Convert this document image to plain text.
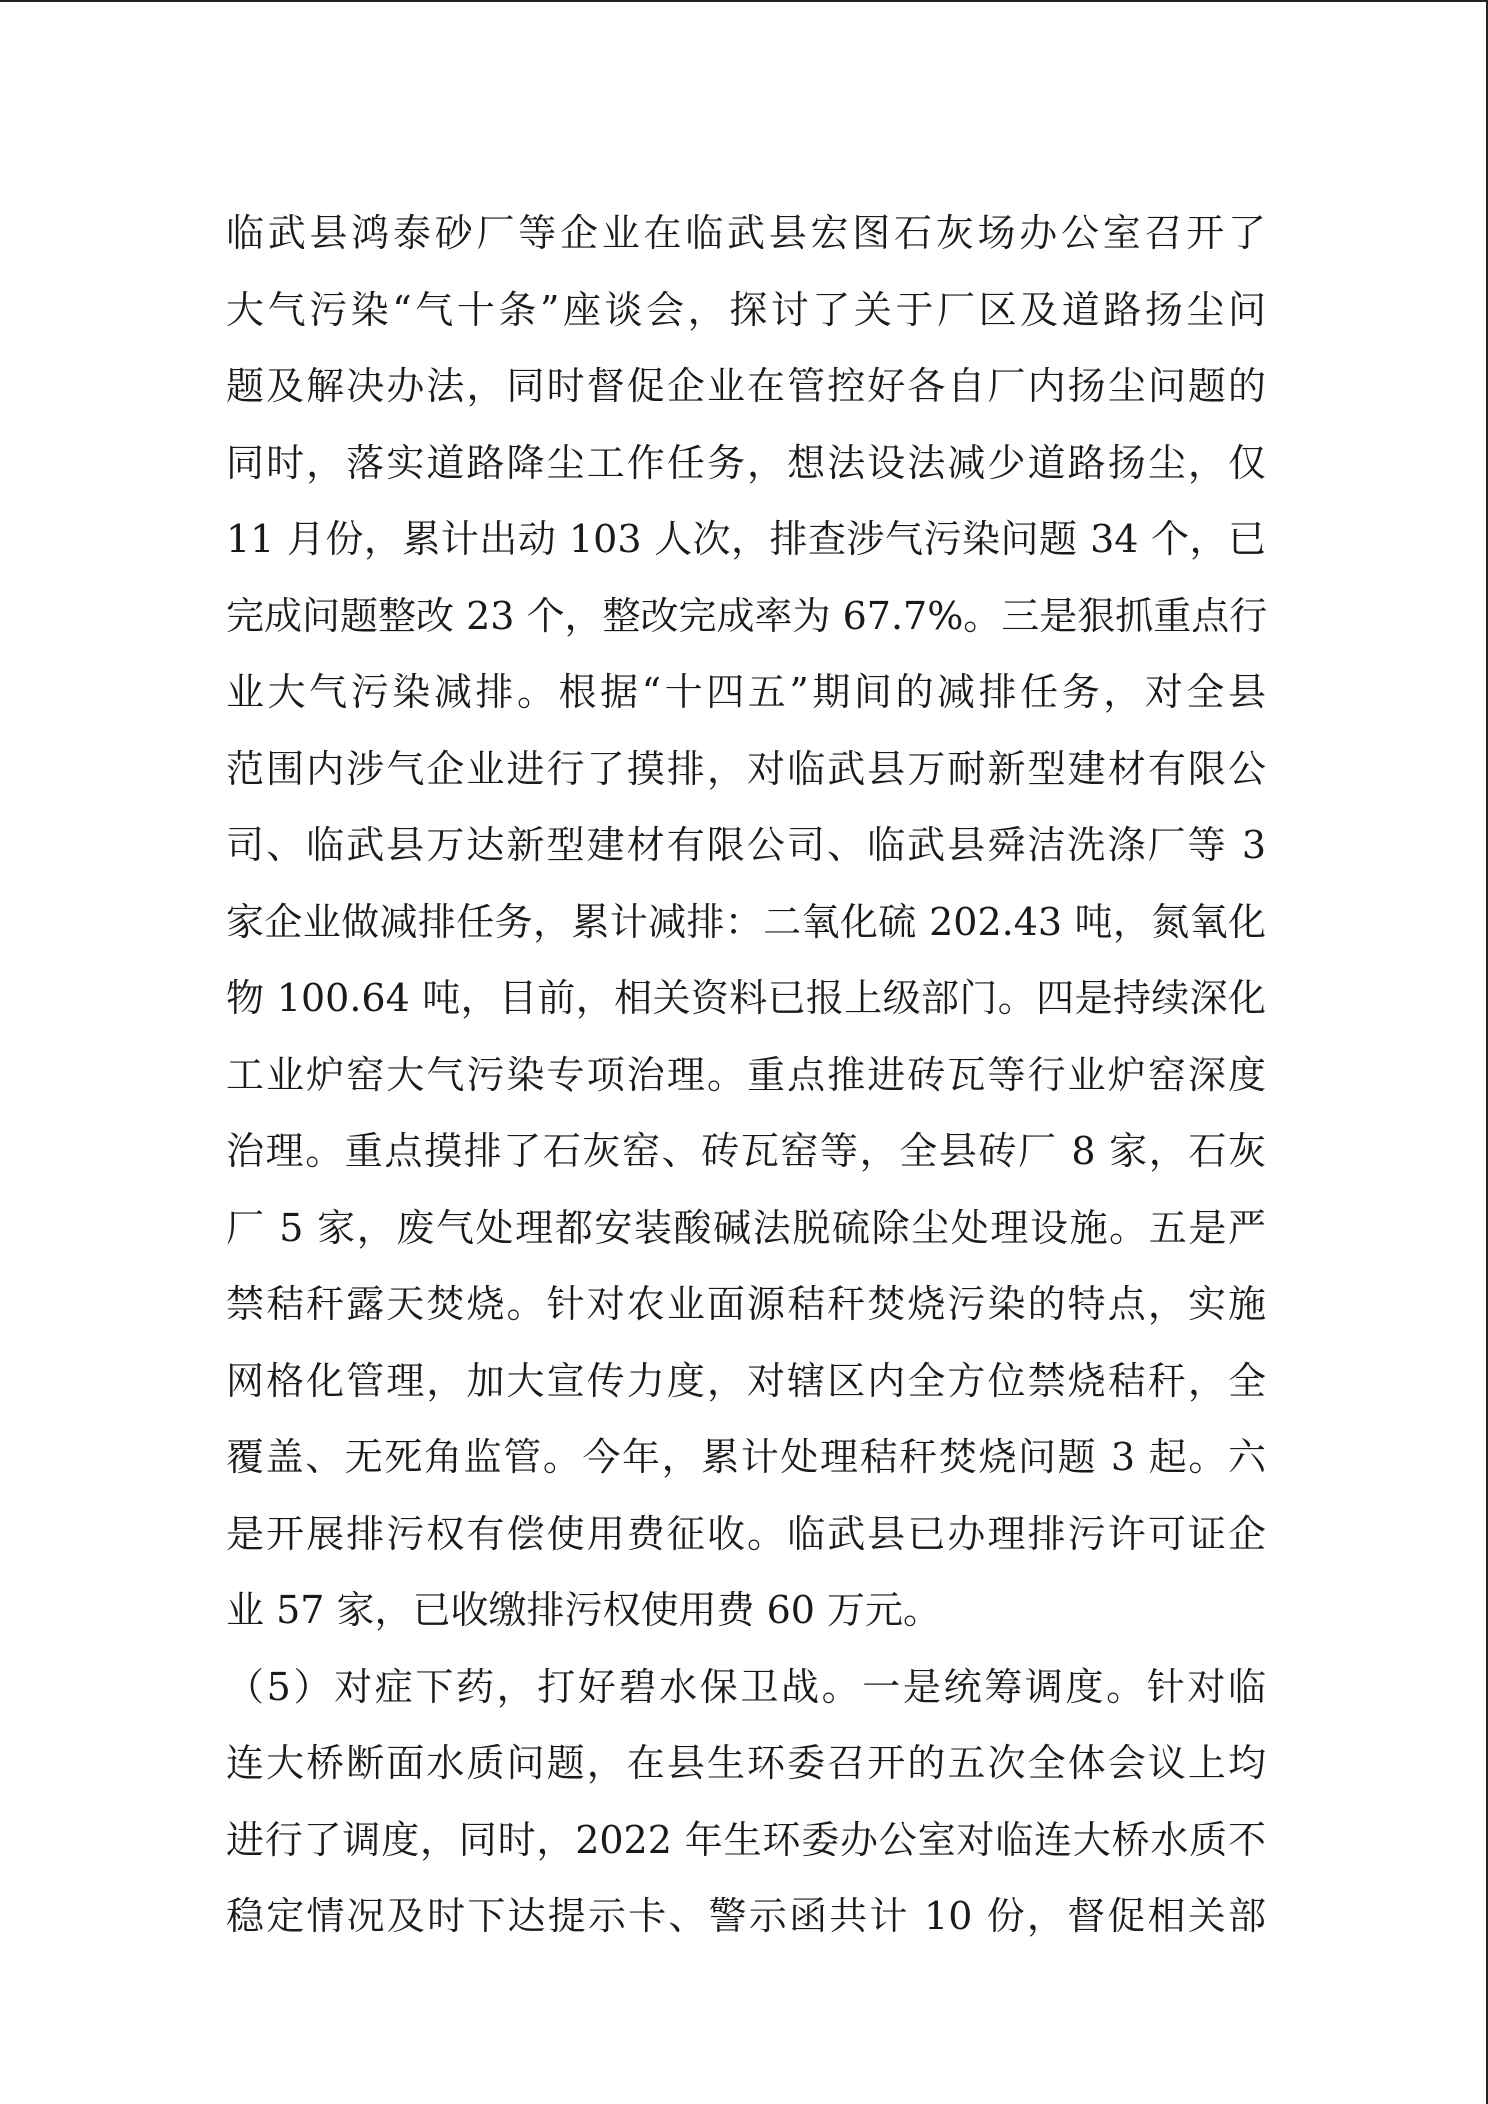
临武县鸿泰砂厂等企业在临武县宏图石灰场办公室召开了
大气污染“气十条”座谈会，探讨了关于厂区及道路扬尘问
题及解决办法，同时督促企业在管控好各自厂内扬尘问题的
同时，落实道路降尘工作任务，想法设法减少道路扬尘，仅
11 月份，累计出动 103 人次，排查涉气污染问题 34 个，已
完成问题整改 23 个，整改完成率为 67.7%。三是狠抓重点行
业大气污染减排。根据“十四五”期间的减排任务，对全县
范围内涉气企业进行了摸排，对临武县万耐新型建材有限公
司、临武县万达新型建材有限公司、临武县舜洁洗涤厂等 3
家企业做减排任务，累计减排：二氧化硫 202.43 吨，氮氧化
物 100.64 吨，目前，相关资料已报上级部门。四是持续深化
工业炉窑大气污染专项治理。重点推进砖瓦等行业炉窑深度
治理。重点摸排了石灰窑、砖瓦窑等，全县砖厂 8 家，石灰
厂 5 家，废气处理都安装酸碱法脱硫除尘处理设施。五是严
禁秸秆露天焚烧。针对农业面源秸秆焚烧污染的特点，实施
网格化管理，加大宣传力度，对辖区内全方位禁烧秸秆，全
覆盖、无死角监管。今年，累计处理秸秆焚烧问题 3 起。六
是开展排污权有偿使用费征收。临武县已办理排污许可证企
业 57 家，已收缴排污权使用费 60 万元。
（5）对症下药，打好碧水保卫战。一是统筹调度。针对临
连大桥断面水质问题，在县生环委召开的五次全体会议上均
进行了调度，同时，2022 年生环委办公室对临连大桥水质不
稳定情况及时下达提示卡、警示函共计 10 份，督促相关部
